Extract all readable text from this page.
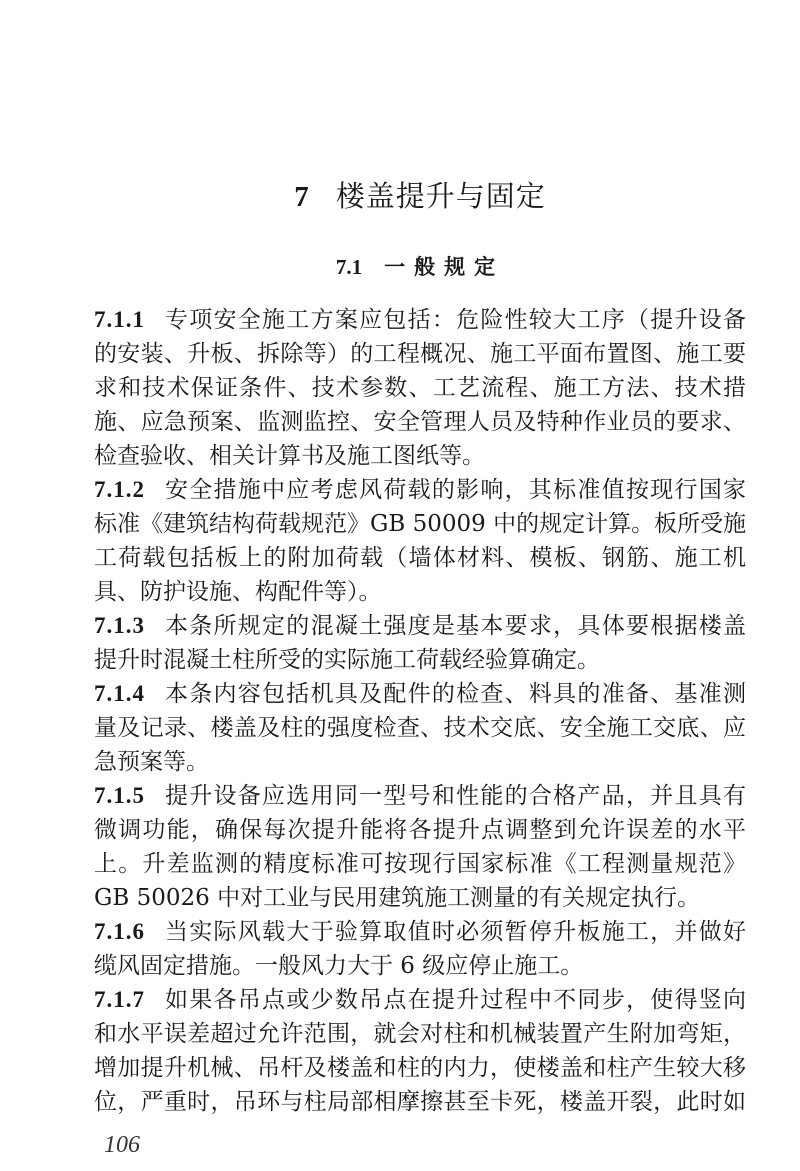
7 楼盖提升与固定
7.1 一般规定
7.1.1 专项安全施工方案应包括：危险性较大工序（提升设备
的安装、升板、拆除等）的工程概况、施工平面布置图、施工要
求和技术保证条件、技术参数、工艺流程、施工方法、技术措
施、应急预案、监测监控、安全管理人员及特种作业员的要求、
检查验收、相关计算书及施工图纸等。
7.1.2 安全措施中应考虑风荷载的影响，其标准值按现行国家
标准《建筑结构荷载规范》GB 50009 中的规定计算。板所受施
工荷载包括板上的附加荷载（墙体材料、模板、钢筋、施工机
具、防护设施、构配件等）。
7.1.3 本条所规定的混凝土强度是基本要求，具体要根据楼盖
提升时混凝土柱所受的实际施工荷载经验算确定。
7.1.4 本条内容包括机具及配件的检查、料具的准备、基准测
量及记录、楼盖及柱的强度检查、技术交底、安全施工交底、应
急预案等。
7.1.5 提升设备应选用同一型号和性能的合格产品，并且具有
微调功能，确保每次提升能将各提升点调整到允许误差的水平
上。升差监测的精度标准可按现行国家标准《工程测量规范》
GB 50026 中对工业与民用建筑施工测量的有关规定执行。
7.1.6 当实际风载大于验算取值时必须暂停升板施工，并做好
缆风固定措施。一般风力大于 6 级应停止施工。
7.1.7 如果各吊点或少数吊点在提升过程中不同步，使得竖向
和水平误差超过允许范围，就会对柱和机械装置产生附加弯矩，
增加提升机械、吊杆及楼盖和柱的内力，使楼盖和柱产生较大移
位，严重时，吊环与柱局部相摩擦甚至卡死，楼盖开裂，此时如
106
